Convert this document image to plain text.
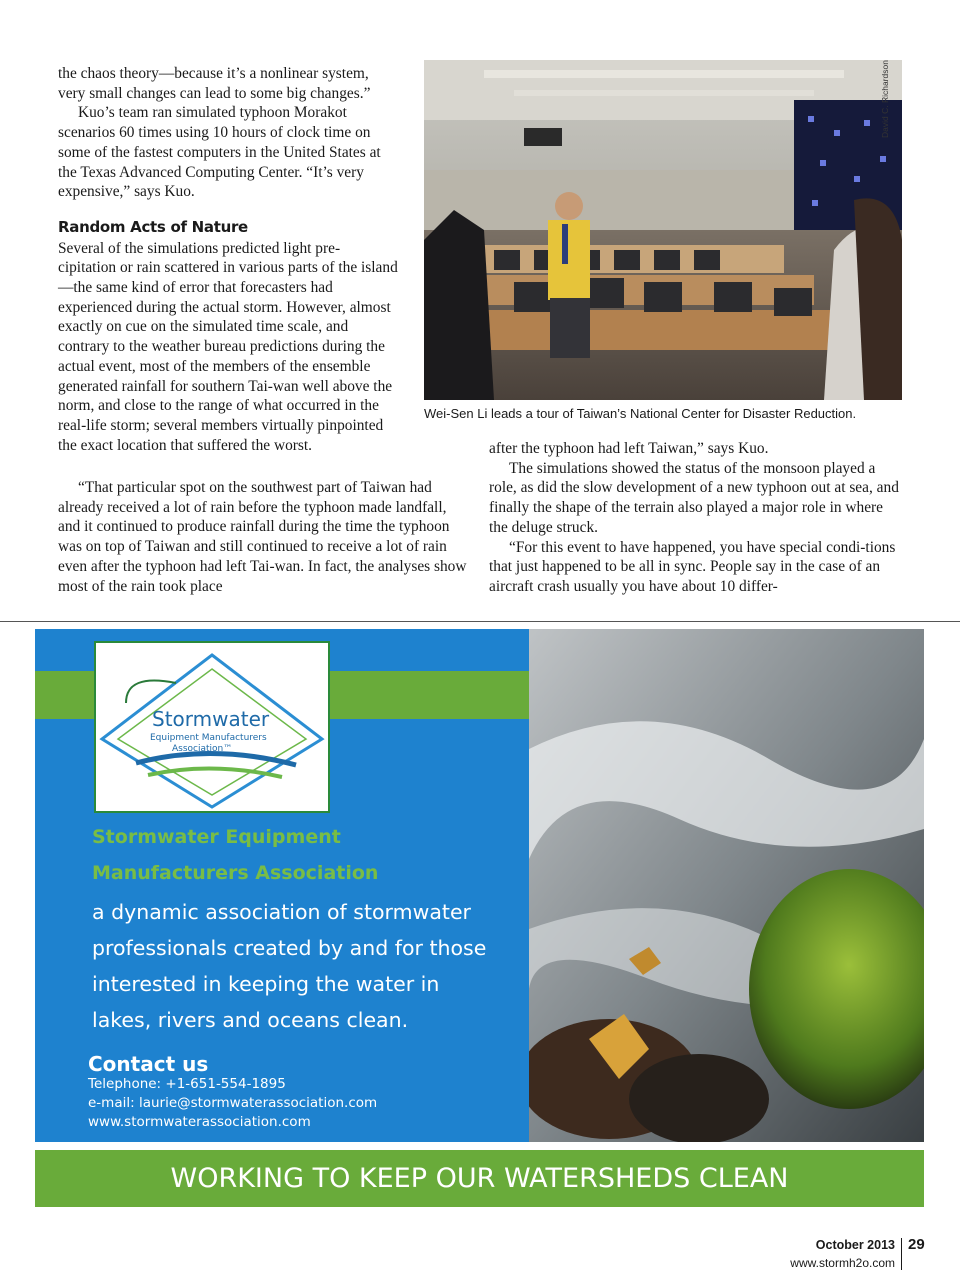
the chaos theory—because it’s a nonlinear system, very small changes can lead to some big changes.”

Kuo’s team ran simulated typhoon Morakot scenarios 60 times using 10 hours of clock time on some of the fastest computers in the United States at the Texas Advanced Computing Center. “It’s very expensive,” says Kuo.

Random Acts of Nature

Several of the simulations predicted light pre-cipitation or rain scattered in various parts of the island—the same kind of error that forecasters had experienced during the actual storm. However, almost exactly on cue on the simulated time scale, and contrary to the weather bureau predictions during the actual event, most of the members of the ensemble generated rainfall for southern Tai-wan well above the norm, and close to the range of what occurred in the real-life storm; several members virtually pinpointed the exact location that suffered the worst.

“That particular spot on the southwest part of Taiwan had already received a lot of rain before the typhoon made landfall, and it continued to produce rainfall during the time the typhoon was on top of Taiwan and still continued to receive a lot of rain even after the typhoon had left Tai-wan. In fact, the analyses show most of the rain took place

after the typhoon had left Taiwan,” says Kuo.

The simulations showed the status of the monsoon played a role, as did the slow development of a new typhoon out at sea, and finally the shape of the terrain also played a major role in where the deluge struck.

“For this event to have happened, you have special condi-tions that just happened to be all in sync. People say in the case of an aircraft crash usually you have about 10 differ-

David C. Richardson
Wei-Sen Li leads a tour of Taiwan’s National Center for Disaster Reduction.
Stormwater
Equipment Manufacturers
Association™
Stormwater Equipment
Manufacturers Association
a dynamic association of stormwater
professionals created by and for those
interested in keeping the water in
lakes, rivers and oceans clean.
Contact us
Telephone: +1-651-554-1895
e-mail: laurie@stormwaterassociation.com
www.stormwaterassociation.com
WORKING TO KEEP OUR WATERSHEDS CLEAN
October 2013
www.stormh2o.com
29
